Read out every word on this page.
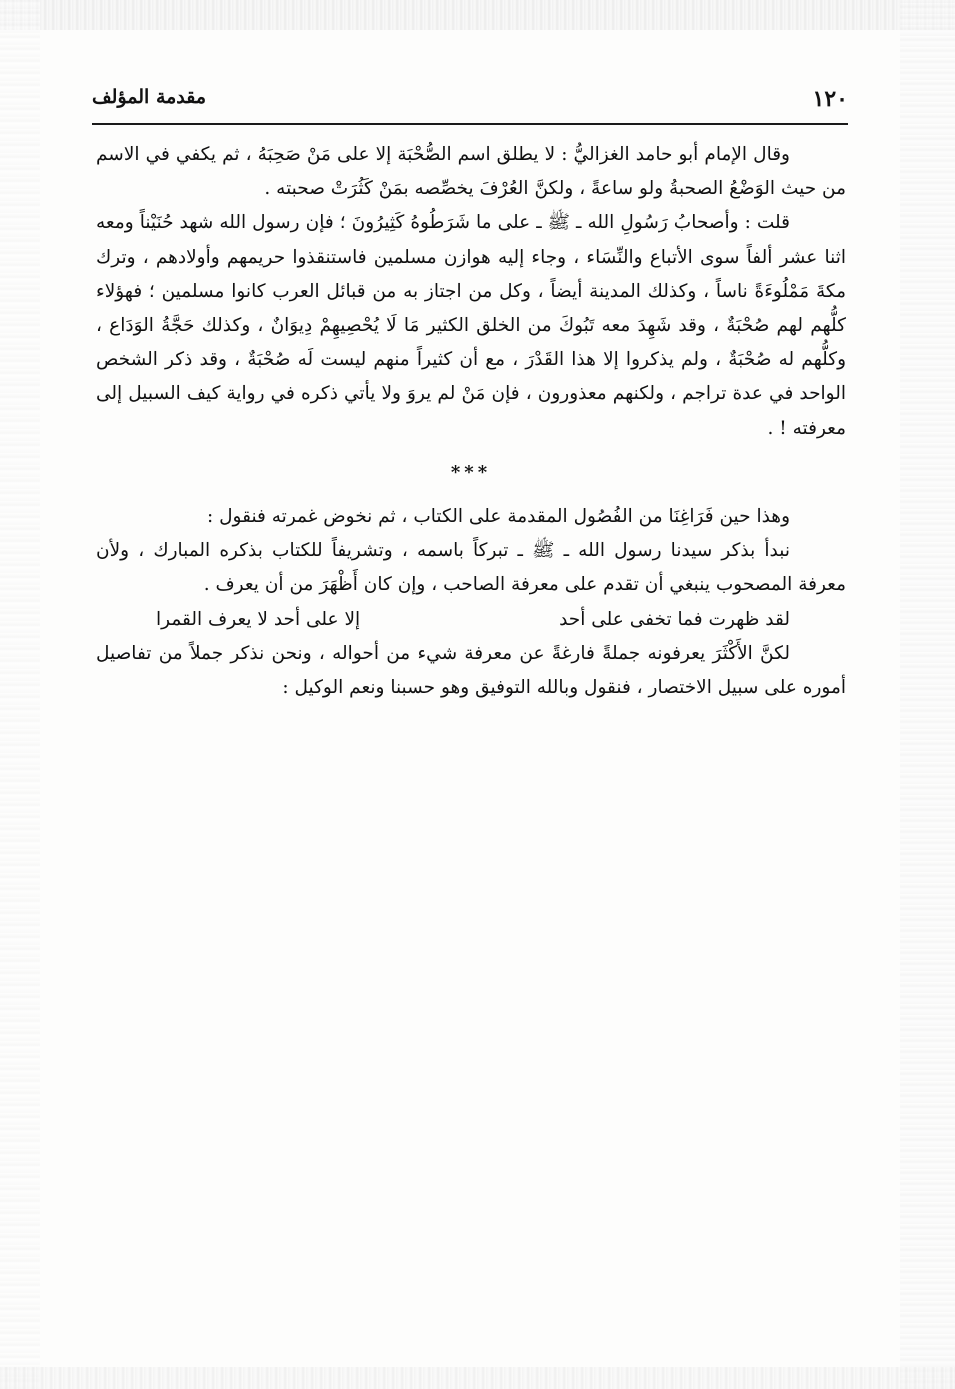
مقدمة المؤلف	١٢٠

وقال الإمام أبو حامد الغزاليُّ : لا يطلق اسم الصُّحْبَة إلا على مَنْ صَحِبَهُ ، ثم يكفي في الاسم من حيث الوَضْعُ الصحبةُ ولو ساعةً ، ولكنَّ العُرْفَ يخصِّصه بمَنْ كَثُرَتْ صحبته .

قلت : وأصحابُ رَسُولِ الله ـ ﷺ ـ على ما شَرَطُوهُ كَثِيرُونَ ؛ فإن رسول الله شهد حُنَيْناً ومعه اثنا عشر ألفاً سوى الأتباع والنِّسَاء ، وجاء إليه هوازن مسلمين فاستنقذوا حريمهم وأولادهم ، وترك مكةَ مَمْلُوءَةً ناساً ، وكذلك المدينة أيضاً ، وكل من اجتاز به من قبائل العرب كانوا مسلمين ؛ فهؤلاء كلُّهم لهم صُحْبَةٌ ، وقد شَهِدَ معه تَبُوكَ من الخلق الكثير مَا لَا يُحْصِيهِمْ دِيوَانٌ ، وكذلك حَجَّةُ الوَدَاع ، وكلُّهم له صُحْبَةٌ ، ولم يذكروا إلا هذا القَدْرَ ، مع أن كثيراً منهم ليست لَه صُحْبَةٌ ، وقد ذكر الشخص الواحد في عدة تراجم ، ولكنهم معذورون ، فإن مَنْ لم يروَ ولا يأتي ذكره في رواية كيف السبيل إلى معرفته ! .

***

وهذا حين فَرَاغِنَا من الفُصُول المقدمة على الكتاب ، ثم نخوض غمرته فنقول :

نبدأ بذكر سيدنا رسول الله ـ ﷺ ـ تبركاً باسمه ، وتشريفاً للكتاب بذكره المبارك ، ولأن معرفة المصحوب ينبغي أن تقدم على معرفة الصاحب ، وإن كان أَظْهَرَ من أن يعرف .

لقد ظهرت فما تخفى على أحد
إلا على أحد لا يعرف القمرا

لكنَّ الأَكْثَرَ يعرفونه جملةً فارغةً عن معرفة شيء من أحواله ، ونحن نذكر جملاً من تفاصيل أموره على سبيل الاختصار ، فنقول وبالله التوفيق وهو حسبنا ونعم الوكيل :
